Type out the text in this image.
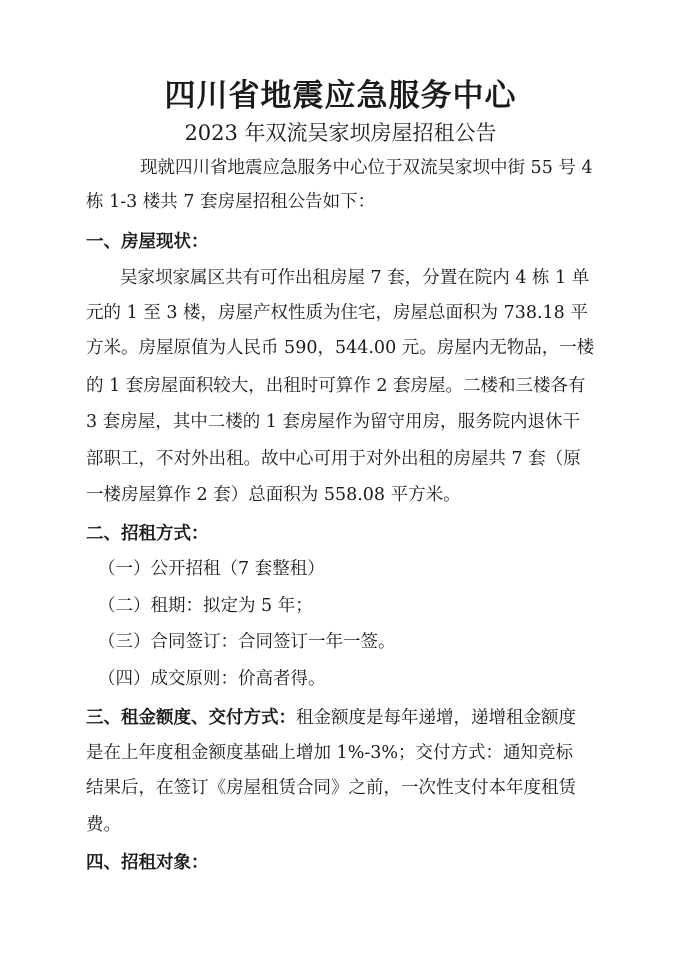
四川省地震应急服务中心
2023 年双流吴家坝房屋招租公告
现就四川省地震应急服务中心位于双流吴家坝中街 55 号 4
栋 1-3 楼共 7 套房屋招租公告如下：
一、房屋现状：
吴家坝家属区共有可作出租房屋 7 套，分置在院内 4 栋 1 单
元的 1 至 3 楼，房屋产权性质为住宅，房屋总面积为 738.18 平
方米。房屋原值为人民币 590，544.00 元。房屋内无物品，一楼
的 1 套房屋面积较大，出租时可算作 2 套房屋。二楼和三楼各有
3 套房屋，其中二楼的 1 套房屋作为留守用房，服务院内退休干
部职工，不对外出租。故中心可用于对外出租的房屋共 7 套（原
一楼房屋算作 2 套）总面积为 558.08 平方米。
二、招租方式：
（一）公开招租（7 套整租）
（二）租期：拟定为 5 年；
（三）合同签订：合同签订一年一签。
（四）成交原则：价高者得。
三、租金额度、交付方式：租金额度是每年递增，递增租金额度
是在上年度租金额度基础上增加 1%-3%；交付方式：通知竞标
结果后，在签订《房屋租赁合同》之前，一次性支付本年度租赁
费。
四、招租对象：
